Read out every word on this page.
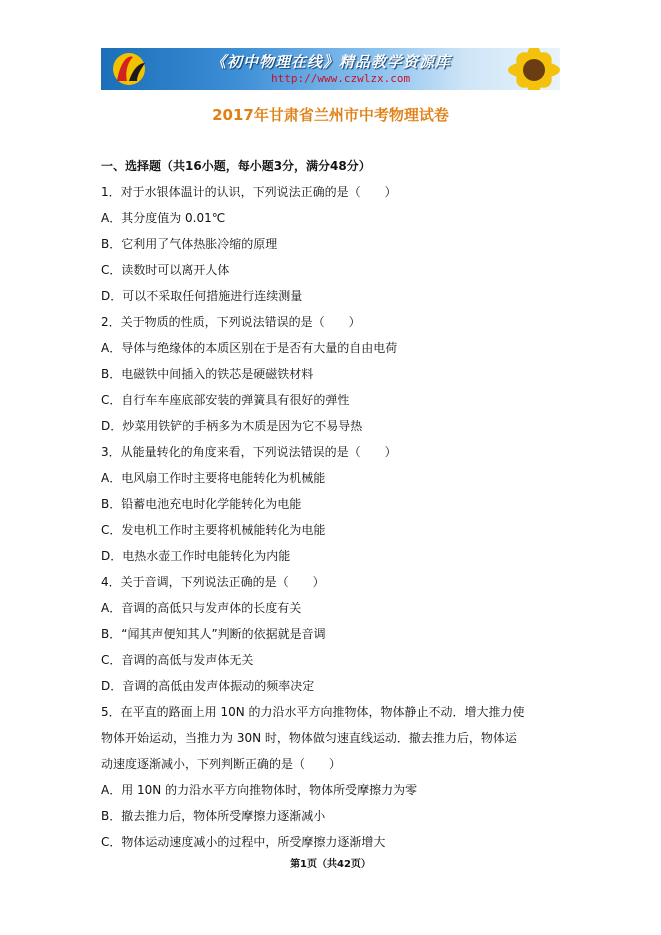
《初中物理在线》精品教学资源库
http://www.czwlzx.com
2017年甘肃省兰州市中考物理试卷
一、选择题（共16小题，每小题3分，满分48分）
1．对于水银体温计的认识，下列说法正确的是（　　）
A．其分度值为 0.01℃
B．它利用了气体热胀冷缩的原理
C．读数时可以离开人体
D．可以不采取任何措施进行连续测量
2．关于物质的性质，下列说法错误的是（　　）
A．导体与绝缘体的本质区别在于是否有大量的自由电荷
B．电磁铁中间插入的铁芯是硬磁铁材料
C．自行车车座底部安装的弹簧具有很好的弹性
D．炒菜用铁铲的手柄多为木质是因为它不易导热
3．从能量转化的角度来看，下列说法错误的是（　　）
A．电风扇工作时主要将电能转化为机械能
B．铅蓄电池充电时化学能转化为电能
C．发电机工作时主要将机械能转化为电能
D．电热水壶工作时电能转化为内能
4．关于音调，下列说法正确的是（　　）
A．音调的高低只与发声体的长度有关
B．“闻其声便知其人”判断的依据就是音调
C．音调的高低与发声体无关
D．音调的高低由发声体振动的频率决定
5．在平直的路面上用 10N 的力沿水平方向推物体，物体静止不动．增大推力使
物体开始运动，当推力为 30N 时，物体做匀速直线运动．撤去推力后，物体运
动速度逐渐减小，下列判断正确的是（　　）
A．用 10N 的力沿水平方向推物体时，物体所受摩擦力为零
B．撤去推力后，物体所受摩擦力逐渐减小
C．物体运动速度减小的过程中，所受摩擦力逐渐增大
第1页（共42页）
